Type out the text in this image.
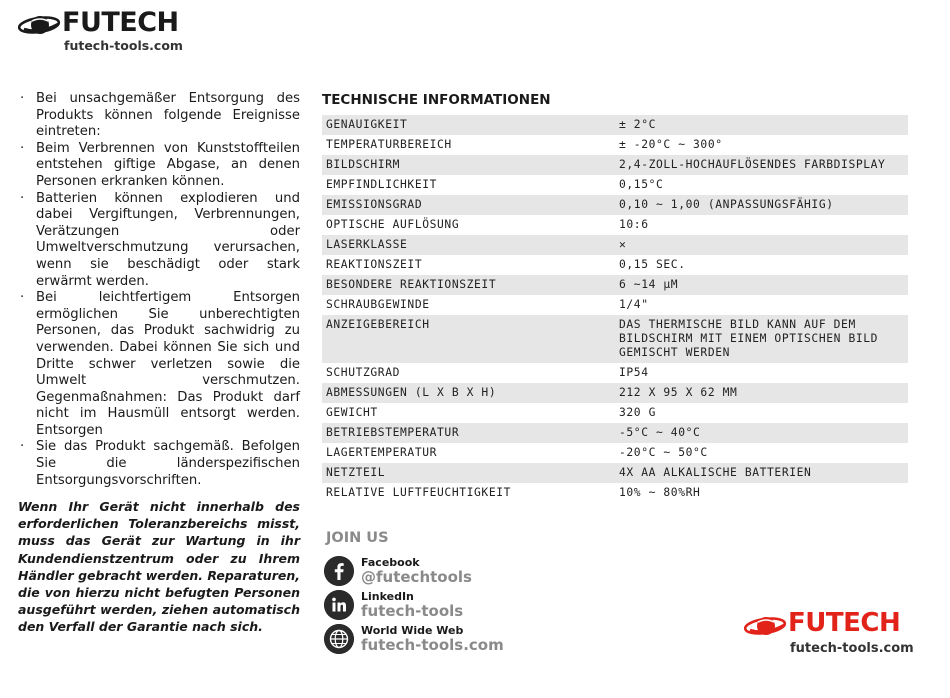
FUTECH
futech-tools.com
· Bei unsachgemäßer Entsorgung des Produkts können folgende Ereignisse eintreten:
· Beim Verbrennen von Kunststoffteilen entstehen giftige Abgase, an denen Personen erkranken können.
· Batterien können explodieren und dabei Vergiftungen, Verbrennungen, Verätzungen oder Umweltverschmutzung verursachen, wenn sie beschädigt oder stark erwärmt werden.
· Bei leichtfertigem Entsorgen ermöglichen Sie unberechtigten Personen, das Produkt sachwidrig zu verwenden. Dabei können Sie sich und Dritte schwer verletzen sowie die Umwelt verschmutzen. Gegenmaßnahmen: Das Produkt darf nicht im Hausmüll entsorgt werden. Entsorgen
· Sie das Produkt sachgemäß. Befolgen Sie die länderspezifischen Entsorgungsvorschriften.

Wenn Ihr Gerät nicht innerhalb des erforderlichen Toleranzbereichs misst, muss das Gerät zur Wartung in ihr Kundendienstzentrum oder zu Ihrem Händler gebracht werden. Reparaturen, die von hierzu nicht befugten Personen ausgeführt werden, ziehen automatisch den Verfall der Garantie nach sich.

TECHNISCHE INFORMATIONEN
GENAUIGKEIT	± 2°C
TEMPERATURBEREICH	± -20°C ~ 300°
BILDSCHIRM	2,4-ZOLL-HOCHAUFLÖSENDES FARBDISPLAY
EMPFINDLICHKEIT	0,15°C
EMISSIONSGRAD	0,10 ~ 1,00 (ANPASSUNGSFÄHIG)
OPTISCHE AUFLÖSUNG	10:6
LASERKLASSE	✕
REAKTIONSZEIT	0,15 SEC.
BESONDERE REAKTIONSZEIT	6 ~14 μM
SCHRAUBGEWINDE	1/4"
ANZEIGEBEREICH	DAS THERMISCHE BILD KANN AUF DEM BILDSCHIRM MIT EINEM OPTISCHEN BILD GEMISCHT WERDEN
SCHUTZGRAD	IP54
ABMESSUNGEN (L X B X H)	212 X 95 X 62 MM
GEWICHT	320 G
BETRIEBSTEMPERATUR	-5°C ~ 40°C
LAGERTEMPERATUR	-20°C ~ 50°C
NETZTEIL	4X AA ALKALISCHE BATTERIEN
RELATIVE LUFTFEUCHTIGKEIT	10% ~ 80%RH
JOIN US
Facebook
@futechtools
LinkedIn
futech-tools
World Wide Web
futech-tools.com
FUTECH
futech-tools.com
